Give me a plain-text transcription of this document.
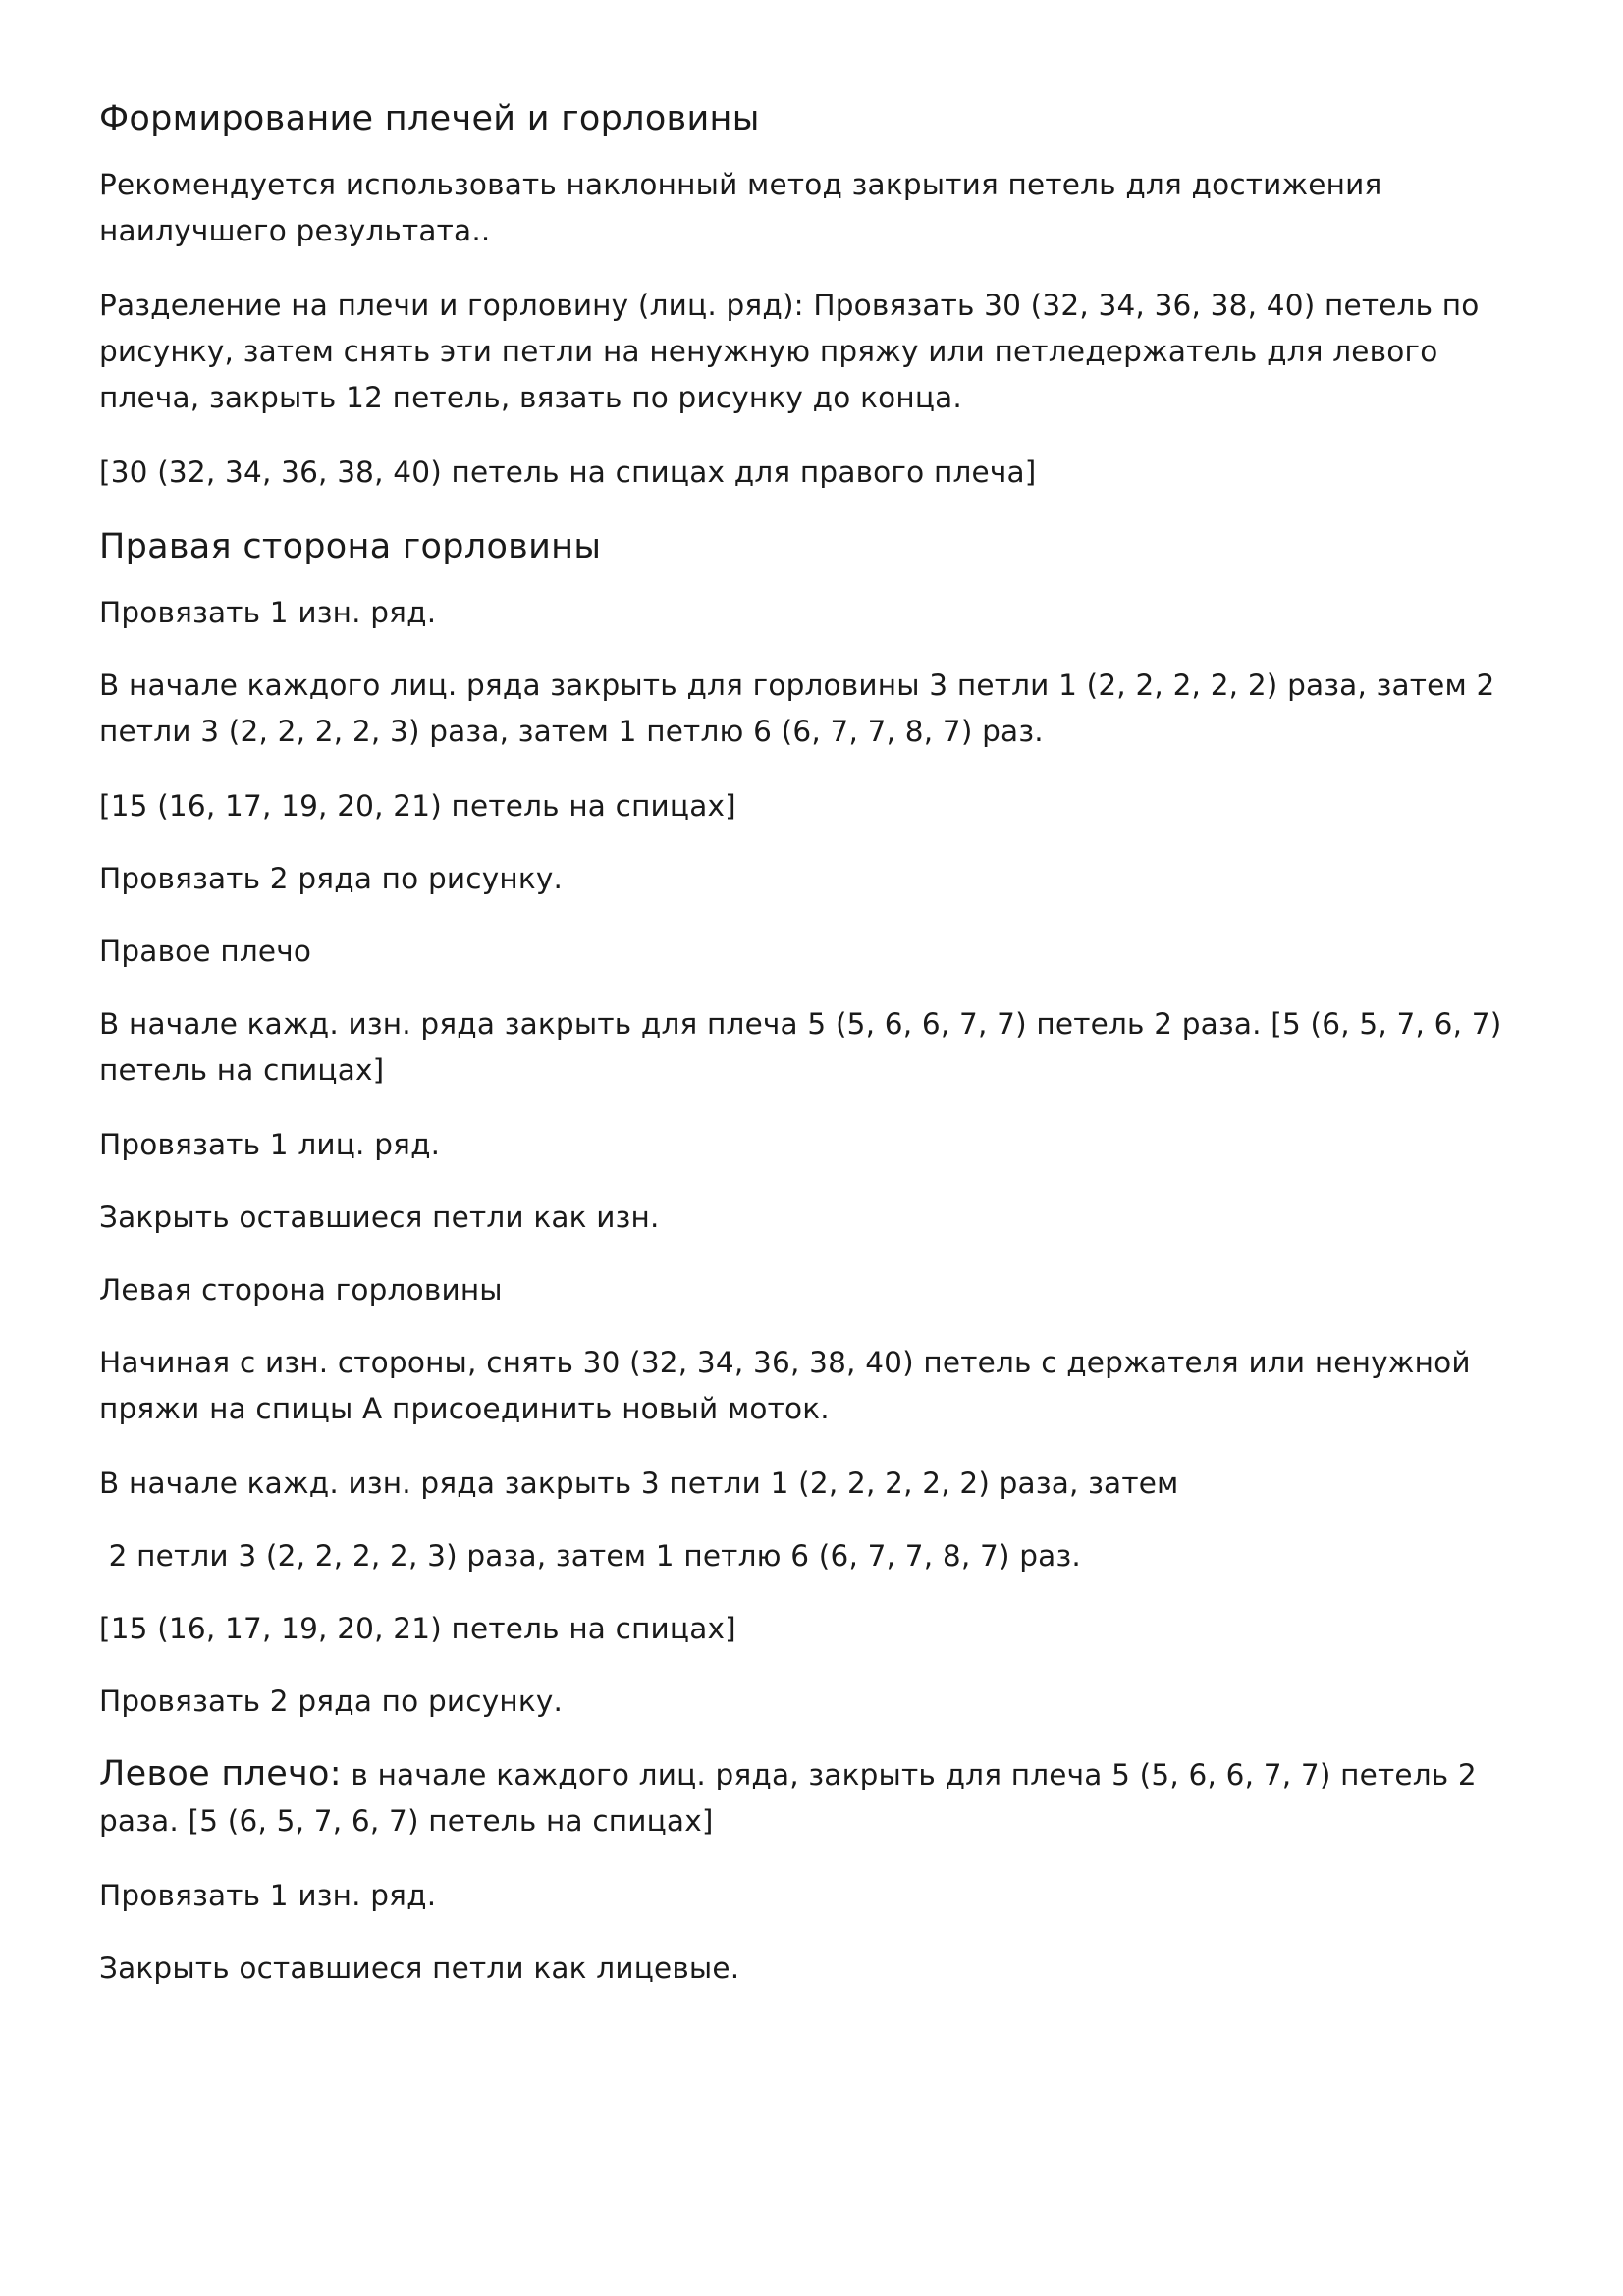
Формирование плечей и горловины
Рекомендуется использовать наклонный метод закрытия петель для достижения наилучшего результата..
Разделение на плечи и горловину (лиц. ряд): Провязать 30 (32, 34, 36, 38, 40) петель по рисунку, затем снять эти петли на ненужную пряжу или петледержатель для левого плеча, закрыть 12 петель, вязать по рисунку до конца.
[30 (32, 34, 36, 38, 40) петель на спицах для правого плеча]
Правая сторона горловины
Провязать 1 изн. ряд.
В начале каждого лиц. ряда закрыть для горловины 3 петли 1 (2, 2, 2, 2, 2) раза, затем 2 петли 3 (2, 2, 2, 2, 3) раза, затем 1 петлю 6 (6, 7, 7, 8, 7) раз.
[15 (16, 17, 19, 20, 21) петель на спицах]
Провязать 2 ряда по рисунку.
Правое плечо
В начале кажд. изн. ряда закрыть для плеча 5 (5, 6, 6, 7, 7) петель 2 раза. [5 (6, 5, 7, 6, 7) петель на спицах]
Провязать 1 лиц. ряд.
Закрыть оставшиеся петли как изн.
Левая сторона горловины
Начиная с изн. стороны, снять 30 (32, 34, 36, 38, 40) петель с держателя или ненужной пряжи на спицы А присоединить новый моток.
В начале кажд. изн. ряда закрыть 3 петли 1 (2, 2, 2, 2, 2) раза, затем
2 петли 3 (2, 2, 2, 2, 3) раза, затем 1 петлю 6 (6, 7, 7, 8, 7) раз.
[15 (16, 17, 19, 20, 21) петель на спицах]
Провязать 2 ряда по рисунку.
Левое плечо: в начале каждого лиц. ряда, закрыть для плеча 5 (5, 6, 6, 7, 7) петель 2 раза. [5 (6, 5, 7, 6, 7) петель на спицах]
Провязать 1 изн. ряд.
Закрыть оставшиеся петли как лицевые.
